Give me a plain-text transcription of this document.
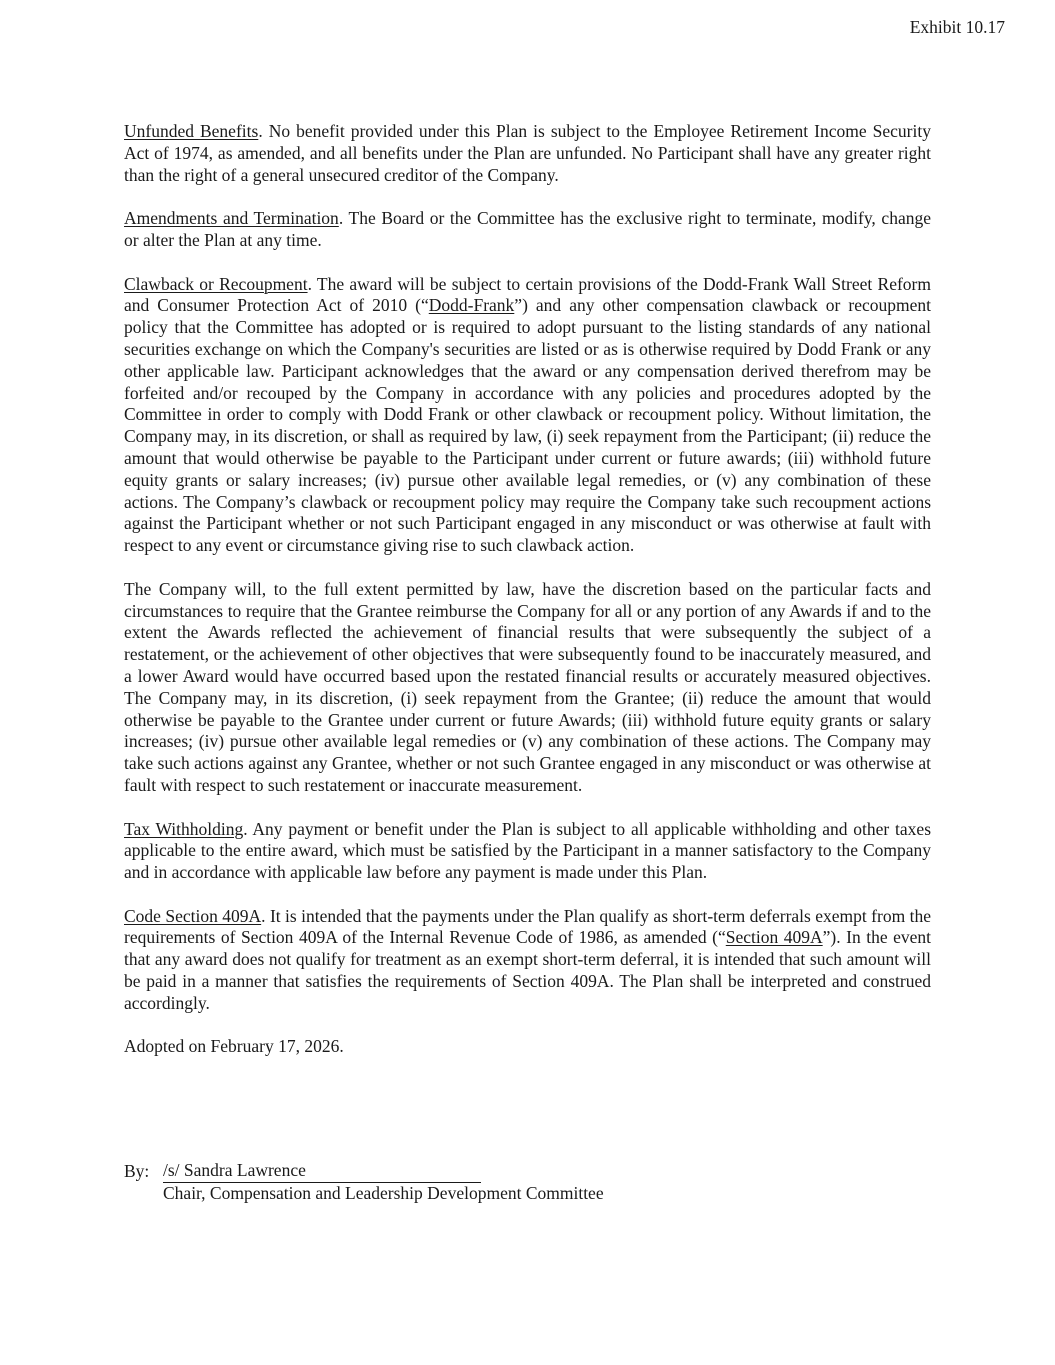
Exhibit 10.17

Unfunded Benefits. No benefit provided under this Plan is subject to the Employee Retirement Income Security Act of 1974, as amended, and all benefits under the Plan are unfunded. No Participant shall have any greater right than the right of a general unsecured creditor of the Company.

Amendments and Termination. The Board or the Committee has the exclusive right to terminate, modify, change or alter the Plan at any time.

Clawback or Recoupment. The award will be subject to certain provisions of the Dodd-Frank Wall Street Reform and Consumer Protection Act of 2010 (“Dodd-Frank”) and any other compensation clawback or recoupment policy that the Committee has adopted or is required to adopt pursuant to the listing standards of any national securities exchange on which the Company's securities are listed or as is otherwise required by Dodd Frank or any other applicable law. Participant acknowledges that the award or any compensation derived therefrom may be forfeited and/or recouped by the Company in accordance with any policies and procedures adopted by the Committee in order to comply with Dodd Frank or other clawback or recoupment policy. Without limitation, the Company may, in its discretion, or shall as required by law, (i) seek repayment from the Participant; (ii) reduce the amount that would otherwise be payable to the Participant under current or future awards; (iii) withhold future equity grants or salary increases; (iv) pursue other available legal remedies, or (v) any combination of these actions. The Company’s clawback or recoupment policy may require the Company take such recoupment actions against the Participant whether or not such Participant engaged in any misconduct or was otherwise at fault with respect to any event or circumstance giving rise to such clawback action.

The Company will, to the full extent permitted by law, have the discretion based on the particular facts and circumstances to require that the Grantee reimburse the Company for all or any portion of any Awards if and to the extent the Awards reflected the achievement of financial results that were subsequently the subject of a restatement, or the achievement of other objectives that were subsequently found to be inaccurately measured, and a lower Award would have occurred based upon the restated financial results or accurately measured objectives. The Company may, in its discretion, (i) seek repayment from the Grantee; (ii) reduce the amount that would otherwise be payable to the Grantee under current or future Awards; (iii) withhold future equity grants or salary increases; (iv) pursue other available legal remedies or (v) any combination of these actions. The Company may take such actions against any Grantee, whether or not such Grantee engaged in any misconduct or was otherwise at fault with respect to such restatement or inaccurate measurement.

Tax Withholding. Any payment or benefit under the Plan is subject to all applicable withholding and other taxes applicable to the entire award, which must be satisfied by the Participant in a manner satisfactory to the Company and in accordance with applicable law before any payment is made under this Plan.

Code Section 409A. It is intended that the payments under the Plan qualify as short-term deferrals exempt from the requirements of Section 409A of the Internal Revenue Code of 1986, as amended (“Section 409A”). In the event that any award does not qualify for treatment as an exempt short-term deferral, it is intended that such amount will be paid in a manner that satisfies the requirements of Section 409A. The Plan shall be interpreted and construed accordingly.

Adopted on February 17, 2026.

By: /s/ Sandra Lawrence
Chair, Compensation and Leadership Development Committee
